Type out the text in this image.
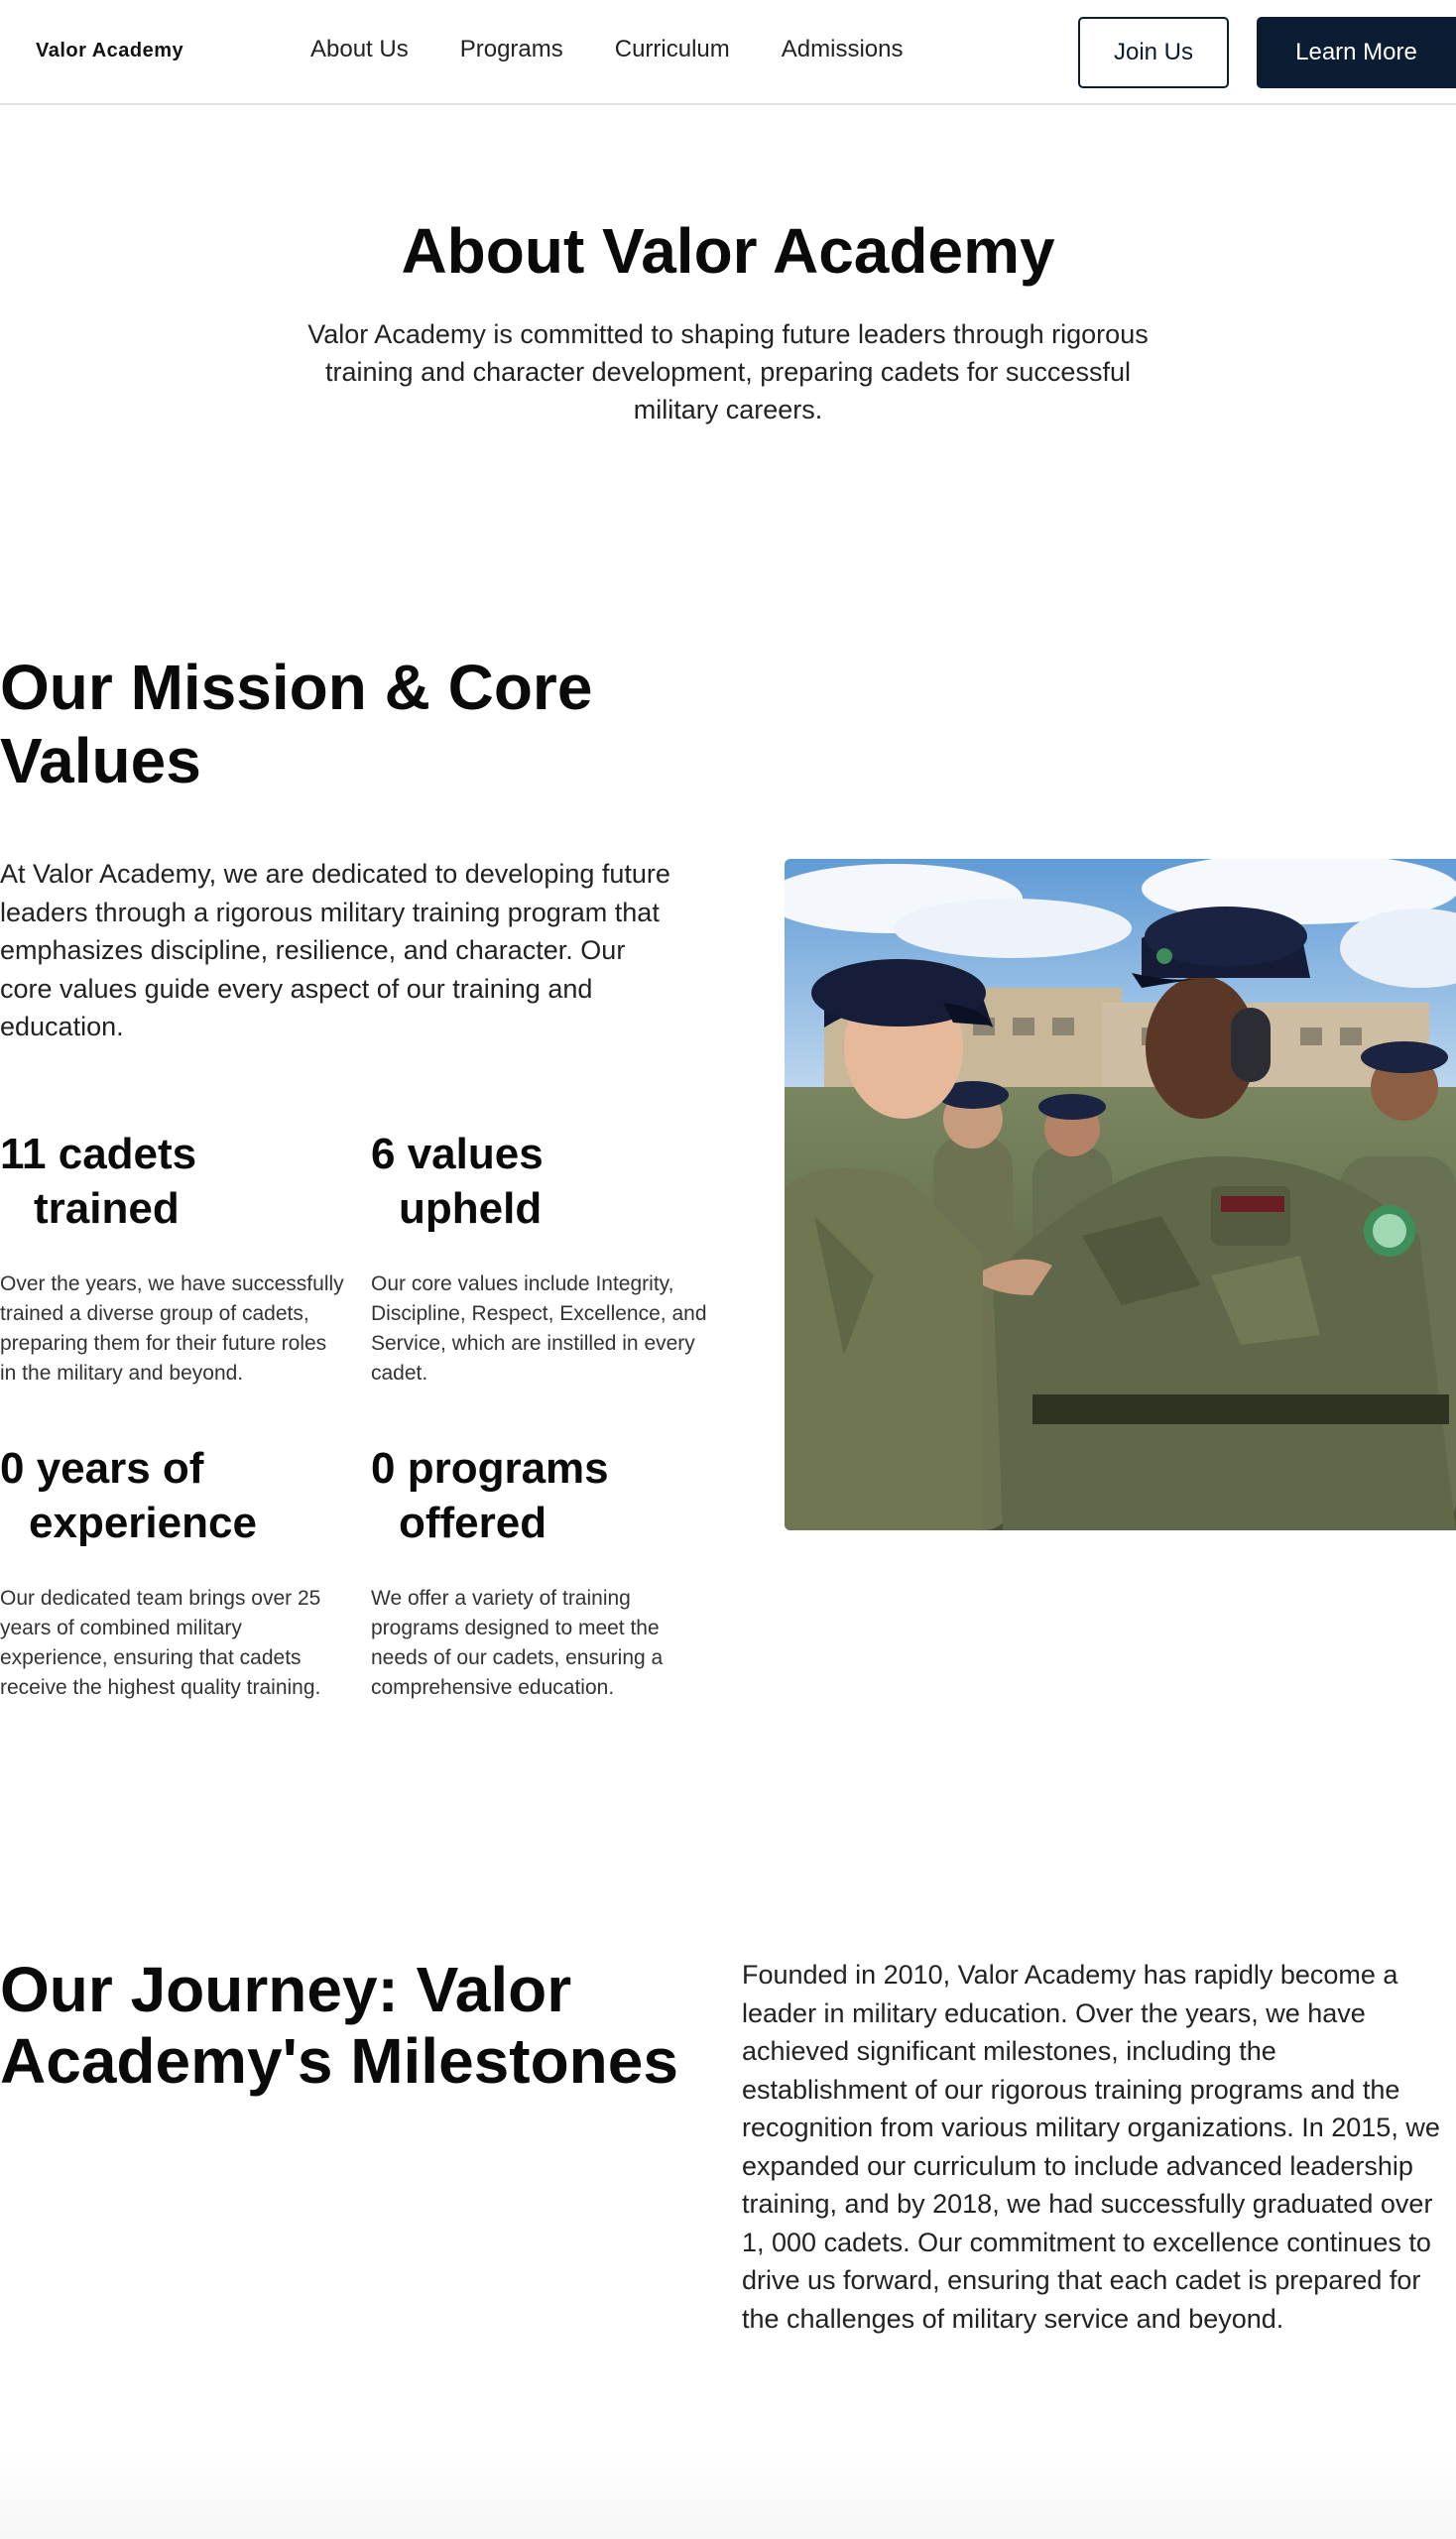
Valor Academy	About Us Programs Curriculum Admissions	Join Us	Learn More
About Valor Academy

Valor Academy is committed to shaping future leaders through rigorous training and character development, preparing cadets for successful military careers.

Our Mission & Core Values

At Valor Academy, we are dedicated to developing future leaders through a rigorous military training program that emphasizes discipline, resilience, and character. Our core values guide every aspect of our training and education.

11 cadets
trained

Over the years, we have successfully trained a diverse group of cadets, preparing them for their future roles in the military and beyond.

6 values
upheld

Our core values include Integrity, Discipline, Respect, Excellence, and Service, which are instilled in every cadet.

0 years of
experience

Our dedicated team brings over 25 years of combined military experience, ensuring that cadets receive the highest quality training.

0 programs
offered

We offer a variety of training programs designed to meet the needs of our cadets, ensuring a comprehensive education.

Our Journey: Valor Academy's Milestones

Founded in 2010, Valor Academy has rapidly become a leader in military education. Over the years, we have achieved significant milestones, including the establishment of our rigorous training programs and the recognition from various military organizations. In 2015, we expanded our curriculum to include advanced leadership training, and by 2018, we had successfully graduated over 1, 000 cadets. Our commitment to excellence continues to drive us forward, ensuring that each cadet is prepared for the challenges of military service and beyond.
